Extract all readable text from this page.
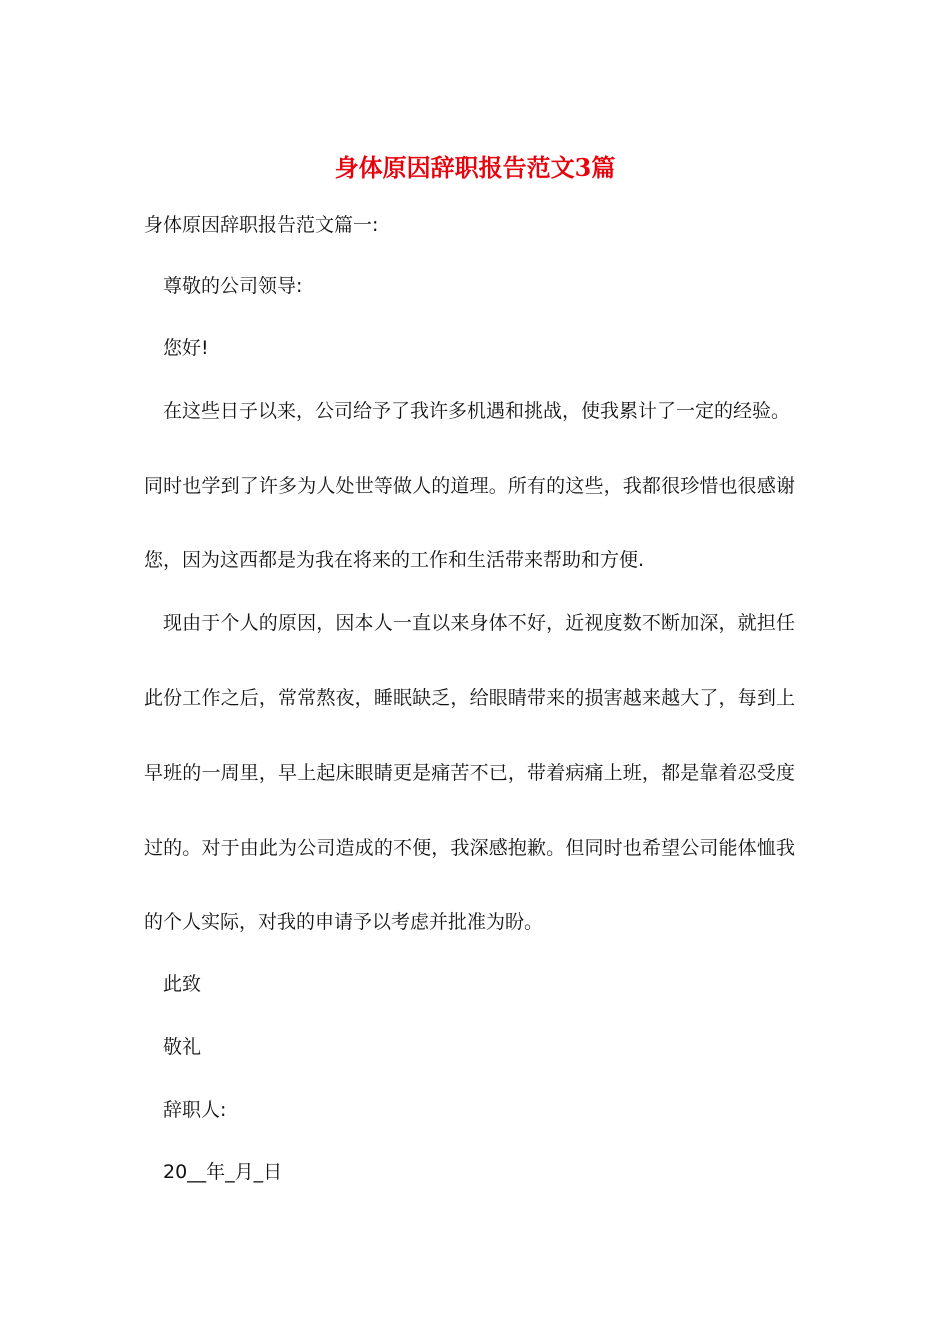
身体原因辞职报告范文3篇

身体原因辞职报告范文篇一:

尊敬的公司领导:

您好!

在这些日子以来，公司给予了我许多机遇和挑战，使我累计了一定的经验。

同时也学到了许多为人处世等做人的道理。所有的这些，我都很珍惜也很感谢

您，因为这西都是为我在将来的工作和生活带来帮助和方便.

现由于个人的原因，因本人一直以来身体不好，近视度数不断加深，就担任

此份工作之后，常常熬夜，睡眠缺乏，给眼睛带来的损害越来越大了，每到上

早班的一周里，早上起床眼睛更是痛苦不已，带着病痛上班，都是靠着忍受度

过的。对于由此为公司造成的不便，我深感抱歉。但同时也希望公司能体恤我

的个人实际，对我的申请予以考虑并批准为盼。

此致

敬礼

辞职人:

20__年_月_日
